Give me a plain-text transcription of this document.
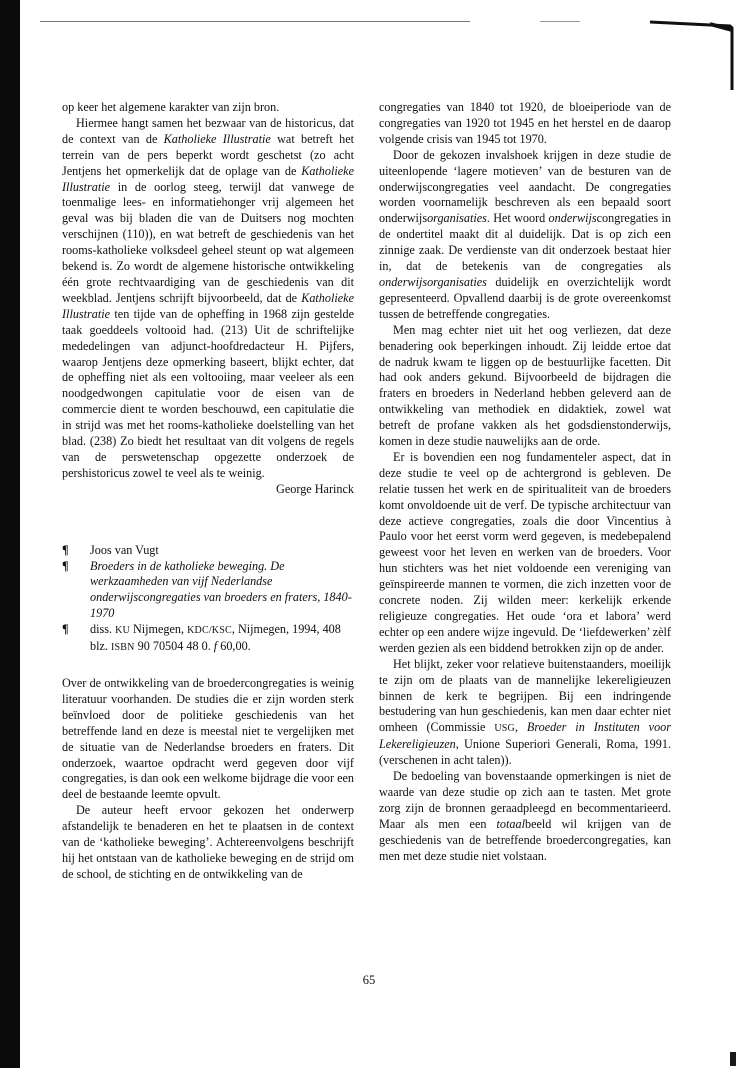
op keer het algemene karakter van zijn bron.

Hiermee hangt samen het bezwaar van de historicus, dat de context van de Katholieke Illustratie wat betreft het terrein van de pers beperkt wordt geschetst (zo acht Jentjens het opmerkelijk dat de oplage van de Katholieke Illustratie in de oorlog steeg, terwijl dat vanwege de toenmalige lees- en informatiehonger vrij algemeen het geval was bij bladen die van de Duitsers nog mochten verschijnen (110)), en wat betreft de geschiedenis van het rooms-katholieke volksdeel geheel steunt op wat algemeen bekend is. Zo wordt de algemene historische ontwikkeling één grote rechtvaardiging van de geschiedenis van dit weekblad. Jentjens schrijft bijvoorbeeld, dat de Katholieke Illustratie ten tijde van de opheffing in 1968 zijn gestelde taak goeddeels voltooid had. (213) Uit de schriftelijke mededelingen van adjunct-hoofdredacteur H. Pijfers, waarop Jentjens deze opmerking baseert, blijkt echter, dat de opheffing niet als een voltooiing, maar veeleer als een noodgedwongen capitulatie voor de eisen van de commercie dient te worden beschouwd, een capitulatie die in strijd was met het rooms-katholieke doelstelling van het blad. (238) Zo biedt het resultaat van dit volgens de regels van de perswetenschap opgezette onderzoek de pershistoricus zowel te veel als te weinig.

George Harinck

¶	Joos van Vugt
¶	Broeders in de katholieke beweging. De werkzaamheden van vijf Nederlandse onderwijscongregaties van broeders en fraters, 1840-1970
¶	diss. KU Nijmegen, KDC/KSC, Nijmegen, 1994, 408 blz. ISBN 90 70504 48 0. f 60,00.

Over de ontwikkeling van de broedercongregaties is weinig literatuur voorhanden. De studies die er zijn worden sterk beïnvloed door de politieke geschiedenis van het betreffende land en deze is meestal niet te vergelijken met de situatie van de Nederlandse broeders en fraters. Dit onderzoek, waartoe opdracht werd gegeven door vijf congregaties, is dan ook een welkome bijdrage die voor een deel de bestaande leemte opvult.

De auteur heeft ervoor gekozen het onderwerp afstandelijk te benaderen en het te plaatsen in de context van de ‘katholieke beweging’. Achtereenvolgens beschrijft hij het ontstaan van de katholieke beweging en de strijd om de school, de stichting en de ontwikkeling van de

congregaties van 1840 tot 1920, de bloeiperiode van de congregaties van 1920 tot 1945 en het herstel en de daarop volgende crisis van 1945 tot 1970.

Door de gekozen invalshoek krijgen in deze studie de uiteenlopende ‘lagere motieven’ van de besturen van de onderwijscongregaties veel aandacht. De congregaties worden voornamelijk beschreven als een bepaald soort onderwijsorganisaties. Het woord onderwijscongregaties in de ondertitel maakt dit al duidelijk. Dat is op zich een zinnige zaak. De verdienste van dit onderzoek bestaat hier in, dat de betekenis van de congregaties als onderwijsorganisaties duidelijk en overzichtelijk wordt gepresenteerd. Opvallend daarbij is de grote overeenkomst tussen de betreffende congregaties.

Men mag echter niet uit het oog verliezen, dat deze benadering ook beperkingen inhoudt. Zij leidde ertoe dat de nadruk kwam te liggen op de bestuurlijke facetten. Dit had ook anders gekund. Bijvoorbeeld de bijdragen die fraters en broeders in Nederland hebben geleverd aan de ontwikkeling van methodiek en didaktiek, zowel wat betreft de profane vakken als het godsdienstonderwijs, komen in deze studie nauwelijks aan de orde.

Er is bovendien een nog fundamenteler aspect, dat in deze studie te veel op de achtergrond is gebleven. De relatie tussen het werk en de spiritualiteit van de broeders komt onvoldoende uit de verf. De typische architectuur van deze actieve congregaties, zoals die door Vincentius à Paulo voor het eerst vorm werd gegeven, is medebepalend geweest voor het leven en werken van de broeders. Voor hun stichters was het niet voldoende een vereniging van geïnspireerde mannen te vormen, die zich inzetten voor de concrete noden. Zij wilden meer: kerkelijk erkende religieuze congregaties. Het oude ‘ora et labora’ werd echter op een andere wijze ingevuld. De ‘liefdewerken’ zèlf werden gezien als een biddend betrokken zijn op de ander.

Het blijkt, zeker voor relatieve buitenstaanders, moeilijk te zijn om de plaats van de mannelijke lekereligieuzen binnen de kerk te begrijpen. Bij een indringende bestudering van hun geschiedenis, kan men daar echter niet omheen (Commissie USG, Broeder in Instituten voor Lekereligieuzen, Unione Superiori Generali, Roma, 1991. (verschenen in acht talen)).

De bedoeling van bovenstaande opmerkingen is niet de waarde van deze studie op zich aan te tasten. Met grote zorg zijn de bronnen geraadpleegd en becommentarieerd. Maar als men een totaalbeeld wil krijgen van de geschiedenis van de betreffende broedercongregaties, kan men met deze studie niet volstaan.

65
